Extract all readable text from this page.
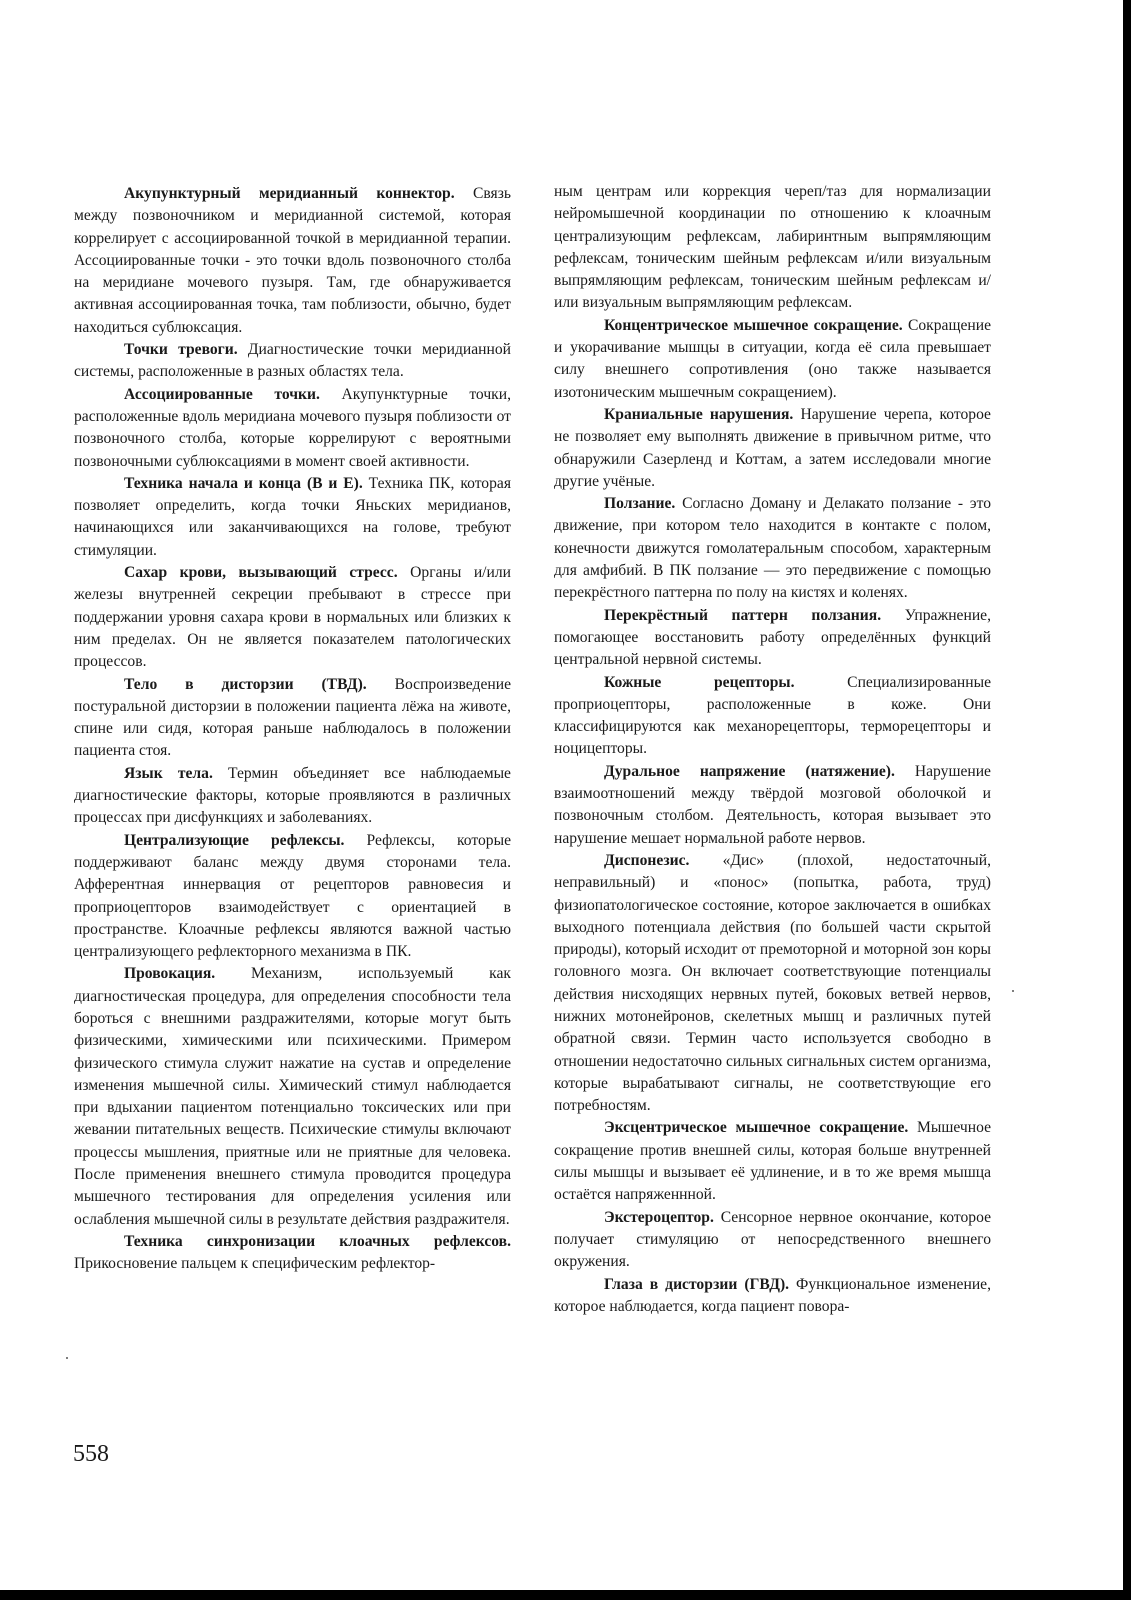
Акупунктурный меридианный коннектор. Связь между позвоночником и меридианной системой, которая коррелирует с ассоциированной точкой в меридианной терапии. Ассоциированные точки - это точки вдоль позвоночного столба на меридиане мочевого пузыря. Там, где обнаруживается активная ассоциированная точка, там поблизости, обычно, будет находиться сублюксация.

Точки тревоги. Диагностические точки меридианной системы, расположенные в разных областях тела.

Ассоциированные точки. Акупунктурные точки, расположенные вдоль меридиана мочевого пузыря поблизости от позвоночного столба, которые коррелируют с вероятными позвоночными сублюксациями в момент своей активности.

Техника начала и конца (В и Е). Техника ПК, которая позволяет определить, когда точки Яньских меридианов, начинающихся или заканчивающихся на голове, требуют стимуляции.

Сахар крови, вызывающий стресс. Органы и/или железы внутренней секреции пребывают в стрессе при поддержании уровня сахара крови в нормальных или близких к ним пределах. Он не является показателем патологических процессов.

Тело в дисторзии (ТВД). Воспроизведение постуральной дисторзии в положении пациента лёжа на животе, спине или сидя, которая раньше наблюдалось в положении пациента стоя.

Язык тела. Термин объединяет все наблюдаемые диагностические факторы, которые проявляются в различных процессах при дисфункциях и заболеваниях.

Централизующие рефлексы. Рефлексы, которые поддерживают баланс между двумя сторонами тела. Афферентная иннервация от рецепторов равновесия и проприоцепторов взаимодействует с ориентацией в пространстве. Клоачные рефлексы являются важной частью централизующего рефлекторного механизма в ПК.

Провокация. Механизм, используемый как диагностическая процедура, для определения способности тела бороться с внешними раздражителями, которые могут быть физическими, химическими или психическими. Примером физического стимула служит нажатие на сустав и определение изменения мышечной силы. Химический стимул наблюдается при вдыхании пациентом потенциально токсических или при жевании питательных веществ. Психические стимулы включают процессы мышления, приятные или не приятные для человека. После применения внешнего стимула проводится процедура мышечного тестирования для определения усиления или ослабления мышечной силы в результате действия раздражителя.

Техника синхронизации клоачных рефлексов. Прикосновение пальцем к специфическим рефлектор-

ным центрам или коррекция череп/таз для нормализации нейромышечной координации по отношению к клоачным централизующим рефлексам, лабиринтным выпрямляющим рефлексам, тоническим шейным рефлексам и/или визуальным выпрямляющим рефлексам, тоническим шейным рефлексам и/или визуальным выпрямляющим рефлексам.

Концентрическое мышечное сокращение. Сокращение и укорачивание мышцы в ситуации, когда её сила превышает силу внешнего сопротивления (оно также называется изотоническим мышечным сокращением).

Краниальные нарушения. Нарушение черепа, которое не позволяет ему выполнять движение в привычном ритме, что обнаружили Сазерленд и Коттам, а затем исследовали многие другие учёные.

Ползание. Согласно Доману и Делакато ползание - это движение, при котором тело находится в контакте с полом, конечности движутся гомолатеральным способом, характерным для амфибий. В ПК ползание — это передвижение с помощью перекрёстного паттерна по полу на кистях и коленях.

Перекрёстный паттерн ползания. Упражнение, помогающее восстановить работу определённых функций центральной нервной системы.

Кожные рецепторы. Специализированные проприоцепторы, расположенные в коже. Они классифицируются как механорецепторы, терморецепторы и ноцицепторы.

Дуральное напряжение (натяжение). Нарушение взаимоотношений между твёрдой мозговой оболочкой и позвоночным столбом. Деятельность, которая вызывает это нарушение мешает нормальной работе нервов.

Диспонезис. «Дис» (плохой, недостаточный, неправильный) и «понос» (попытка, работа, труд) физиопатологическое состояние, которое заключается в ошибках выходного потенциала действия (по большей части скрытой природы), который исходит от премоторной и моторной зон коры головного мозга. Он включает соответствующие потенциалы действия нисходящих нервных путей, боковых ветвей нервов, нижних мотонейронов, скелетных мышц и различных путей обратной связи. Термин часто используется свободно в отношении недостаточно сильных сигнальных систем организма, которые вырабатывают сигналы, не соответствующие его потребностям.

Эксцентрическое мышечное сокращение. Мышечное сокращение против внешней силы, которая больше внутренней силы мышцы и вызывает её удлинение, и в то же время мышца остаётся напряженнной.

Экстероцептор. Сенсорное нервное окончание, которое получает стимуляцию от непосредственного внешнего окружения.

Глаза в дисторзии (ГВД). Функциональное изменение, которое наблюдается, когда пациент повора-

558
